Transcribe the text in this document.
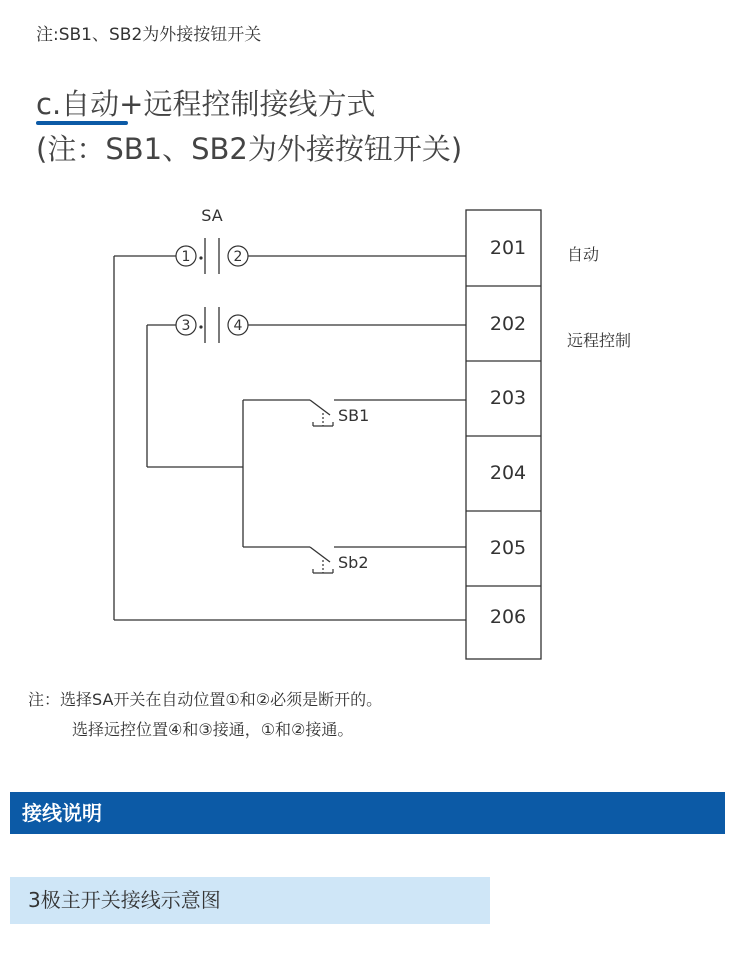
注:SB1、SB2为外接按钮开关
c.自动+远程控制接线方式
(注：SB1、SB2为外接按钮开关)
1	2
3	4
SA
SB1
Sb2
201
202
203
204
205
206
自动
远程控制
注：选择SA开关在自动位置①和②必须是断开的。
选择远控位置④和③接通，①和②接通。
接线说明
3极主开关接线示意图
